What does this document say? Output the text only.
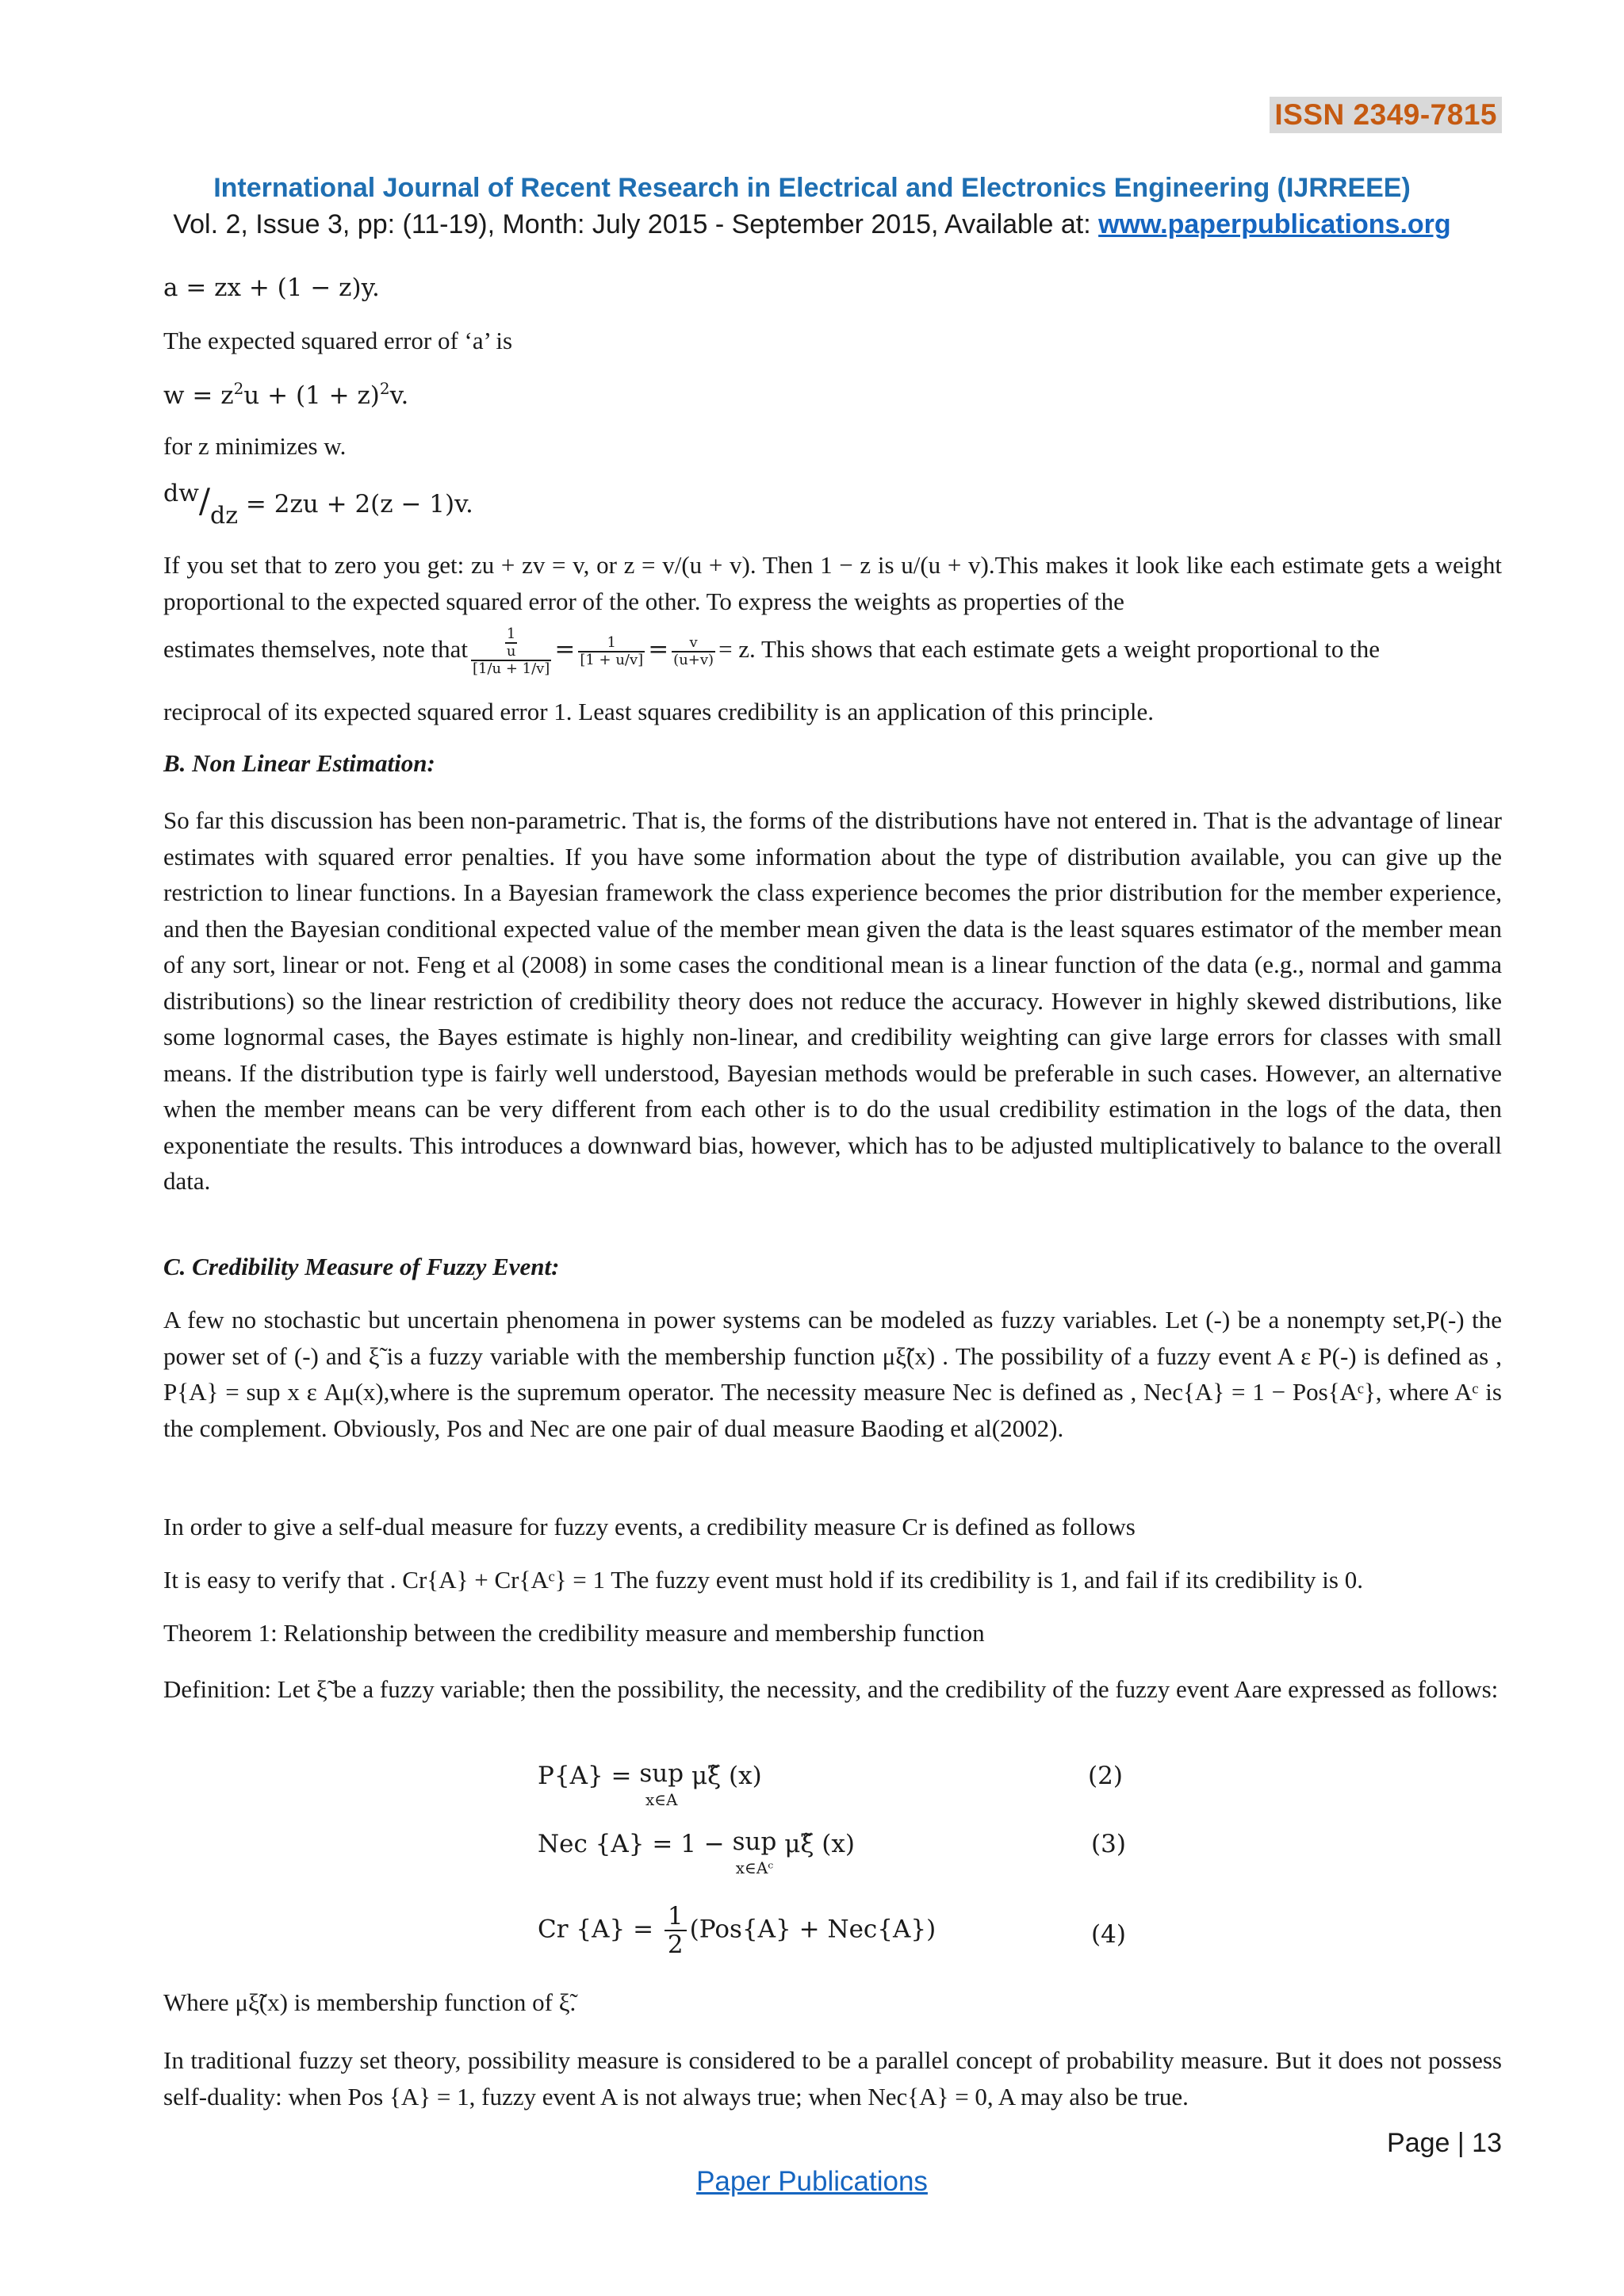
ISSN 2349-7815
International Journal of Recent Research in Electrical and Electronics Engineering (IJRREEE)
Vol. 2, Issue 3, pp: (11-19), Month: July 2015 - September 2015, Available at: www.paperpublications.org
a = zx + (1 − z)y.
The expected squared error of ‘a’ is
$w = z^2u + (1 + z)^2v$.
for z minimizes w.
dw/dz = 2zu + 2(z − 1)v.

If you set that to zero you get: zu + zv = v, or z = v/(u + v). Then 1 − z is u/(u + v).This makes it look like each estimate gets a weight proportional to the expected squared error of the other. To express the weights as properties of the

estimates themselves, note that $\frac{\frac{1}{u}}{[1/u + 1/v]} = \frac{1}{[1 + u/v]} = \frac{v}{(u+v)} = z$. This shows that each estimate gets a weight proportional to the
reciprocal of its expected squared error 1. Least squares credibility is an application of this principle.
B. Non Linear Estimation:

So far this discussion has been non-parametric. That is, the forms of the distributions have not entered in. That is the advantage of linear estimates with squared error penalties. If you have some information about the type of distribution available, you can give up the restriction to linear functions. In a Bayesian framework the class experience becomes the prior distribution for the member experience, and then the Bayesian conditional expected value of the member mean given the data is the least squares estimator of the member mean of any sort, linear or not. Feng et al (2008) in some cases the conditional mean is a linear function of the data (e.g., normal and gamma distributions) so the linear restriction of credibility theory does not reduce the accuracy. However in highly skewed distributions, like some lognormal cases, the Bayes estimate is highly non-linear, and credibility weighting can give large errors for classes with small means. If the distribution type is fairly well understood, Bayesian methods would be preferable in such cases. However, an alternative when the member means can be very different from each other is to do the usual credibility estimation in the logs of the data, then exponentiate the results. This introduces a downward bias, however, which has to be adjusted multiplicatively to balance to the overall data.

C. Credibility Measure of Fuzzy Event:

A few no stochastic but uncertain phenomena in power systems can be modeled as fuzzy variables. Let (-) be a nonempty set,P(-) the power set of (-) and ξ̃ is a fuzzy variable with the membership function μξ̃(x) . The possibility of a fuzzy event A ε P(-) is defined as , P{A} = sup x ε Aμ(x),where is the supremum operator. The necessity measure Nec is defined as , Nec{A} = 1 − Pos{Aᶜ}, where Aᶜ is the complement. Obviously, Pos and Nec are one pair of dual measure Baoding et al(2002).

In order to give a self-dual measure for fuzzy events, a credibility measure Cr is defined as follows
It is easy to verify that . Cr{A} + Cr{Aᶜ} = 1 The fuzzy event must hold if its credibility is 1, and fail if its credibility is 0.
Theorem 1: Relationship between the credibility measure and membership function

Definition: Let ξ̃ be a fuzzy variable; then the possibility, the necessity, and the credibility of the fuzzy event Aare expressed as follows:

P{A} = sup
x∈A μξ̃ (x)	(2)
Nec {A} = 1 − sup
x∈Aᶜ μξ̃ (x)	(3)
Cr $\{A\} = \frac{1}{2} (Pos\{A\} + Nec\{A\})$	(4)
Where μξ̃(x) is membership function of ξ̃.

In traditional fuzzy set theory, possibility measure is considered to be a parallel concept of probability measure. But it does not possess self-duality: when Pos {A} = 1, fuzzy event A is not always true; when Nec{A} = 0, A may also be true.

Page | 13
Paper Publications
